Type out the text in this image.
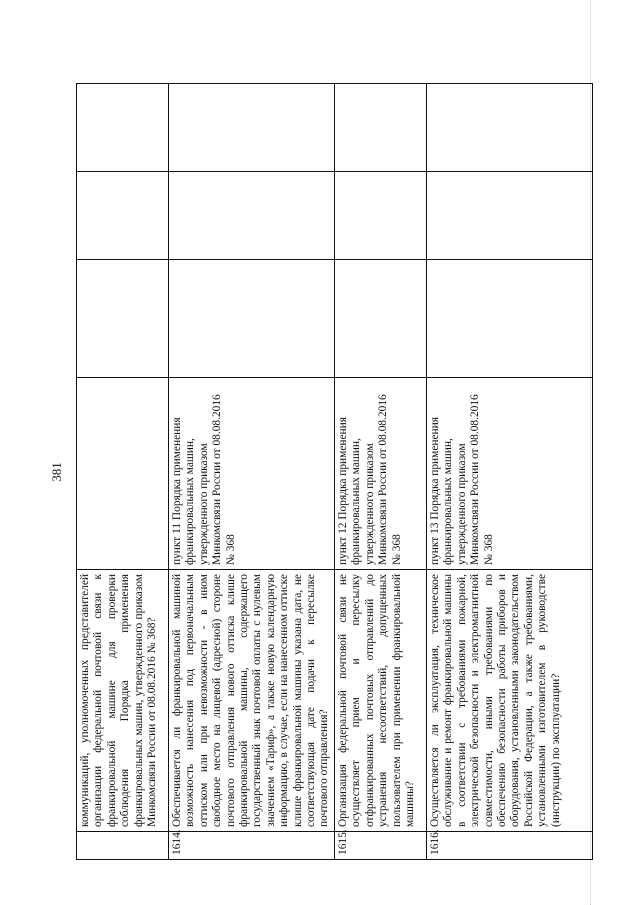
381
	коммуникаций, уполномоченных представителей организации федеральной почтовой связи к франкировальной машине для проверки соблюдения Порядка применения франкировальных машин, утвержденного приказом Минкомсвязи России от 08.08.2016 № 368?				
1614.	Обеспечивается ли франкировальной машиной возможность нанесения под первоначальным оттиском или при невозможности - в ином свободное место на лицевой (адресной) стороне почтового отправления нового оттиска клише франкировальной машины, содержащего государственный знак почтовой оплаты с нулевым значением «Тариф», а также новую календарную информацию, в случае, если на нанесенном оттиске клише франкировальной машины указана дата, не соответствующая дате подачи к пересылке почтового отправления?	пункт 11 Порядка применения франкировальных машин, утвержденного приказом Минкомсвязи России от 08.08.2016 № 368			
1615.	Организация федеральной почтовой связи не осуществляет прием и пересылку отфранкированных почтовых отправлений до устранения несоответствий, допущенных пользователем при применении франкировальной машины?	пункт 12 Порядка применения франкировальных машин, утвержденного приказом Минкомсвязи России от 08.08.2016 № 368			
1616.	Осуществляется ли эксплуатация, техническое обслуживание и ремонт франкировальной машины в соответствии с требованиями пожарной, электрической безопасности и электромагнитной совместимости, иными требованиями по обеспечению безопасности работы приборов и оборудования, установленными законодательством Российской Федерации, а также требованиями, установленными изготовителем в руководстве (инструкции) по эксплуатации?	пункт 13 Порядка применения франкировальных машин, утвержденного приказом Минкомсвязи России от 08.08.2016 № 368			
